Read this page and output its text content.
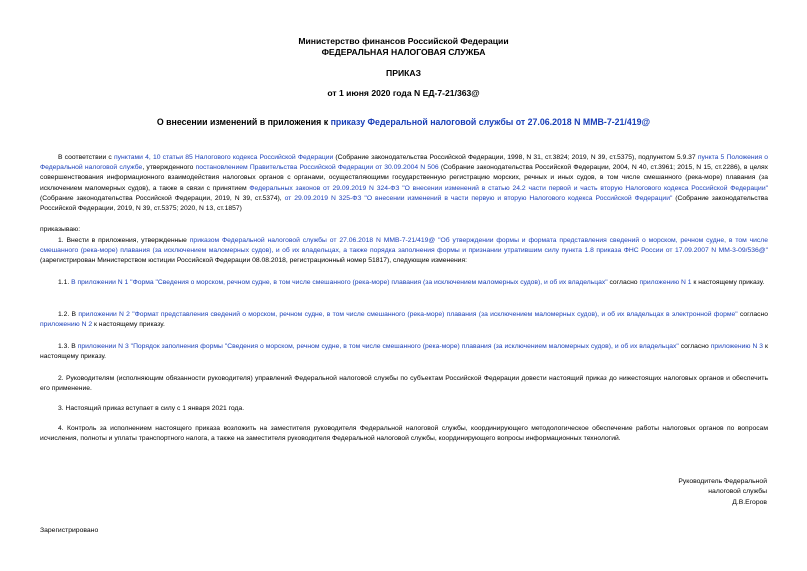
Министерство финансов Российской Федерации
ФЕДЕРАЛЬНАЯ НАЛОГОВАЯ СЛУЖБА
ПРИКАЗ
от 1 июня 2020 года N ЕД-7-21/363@
О внесении изменений в приложения к приказу Федеральной налоговой службы от 27.06.2018 N ММВ-7-21/419@
В соответствии с пунктами 4, 10 статьи 85 Налогового кодекса Российской Федерации (Собрание законодательства Российской Федерации, 1998, N 31, ст.3824; 2019, N 39, ст.5375), подпунктом 5.9.37 пункта 5 Положения о Федеральной налоговой службе, утвержденного постановлением Правительства Российской Федерации от 30.09.2004 N 506 (Собрание законодательства Российской Федерации, 2004, N 40, ст.3961; 2015, N 15, ст.2286), в целях совершенствования информационного взаимодействия налоговых органов с органами, осуществляющими государственную регистрацию морских, речных и иных судов, в том числе смешанного (река-море) плавания (за исключением маломерных судов), а также в связи с принятием Федеральных законов от 29.09.2019 N 324-ФЗ "О внесении изменений в статью 24.2 части первой и часть вторую Налогового кодекса Российской Федерации" (Собрание законодательства Российской Федерации, 2019, N 39, ст.5374), от 29.09.2019 N 325-ФЗ "О внесении изменений в части первую и вторую Налогового кодекса Российской Федерации" (Собрание законодательства Российской Федерации, 2019, N 39, ст.5375; 2020, N 13, ст.1857)
приказываю:
1. Внести в приложения, утвержденные приказом Федеральной налоговой службы от 27.06.2018 N ММВ-7-21/419@ "Об утверждении формы и формата представления сведений о морском, речном судне, в том числе смешанного (река-море) плавания (за исключением маломерных судов), и об их владельцах, а также порядка заполнения формы и признании утратившим силу пункта 1.8 приказа ФНС России от 17.09.2007 N ММ-3-09/536@" (зарегистрирован Министерством юстиции Российской Федерации 08.08.2018, регистрационный номер 51817), следующие изменения:
1.1. В приложении N 1 "Форма "Сведения о морском, речном судне, в том числе смешанного (река-море) плавания (за исключением маломерных судов), и об их владельцах" согласно приложению N 1 к настоящему приказу.
1.2. В приложении N 2 "Формат представления сведений о морском, речном судне, в том числе смешанного (река-море) плавания (за исключением маломерных судов), и об их владельцах в электронной форме" согласно приложению N 2 к настоящему приказу.
1.3. В приложении N 3 "Порядок заполнения формы "Сведения о морском, речном судне, в том числе смешанного (река-море) плавания (за исключением маломерных судов), и об их владельцах" согласно приложению N 3 к настоящему приказу.
2. Руководителям (исполняющим обязанности руководителя) управлений Федеральной налоговой службы по субъектам Российской Федерации довести настоящий приказ до нижестоящих налоговых органов и обеспечить его применение.
3. Настоящий приказ вступает в силу с 1 января 2021 года.
4. Контроль за исполнением настоящего приказа возложить на заместителя руководителя Федеральной налоговой службы, координирующего методологическое обеспечение работы налоговых органов по вопросам исчисления, полноты и уплаты транспортного налога, а также на заместителя руководителя Федеральной налоговой службы, координирующего вопросы информационных технологий.
Руководитель Федеральной
налоговой службы
Д.В.Егоров
Зарегистрировано
